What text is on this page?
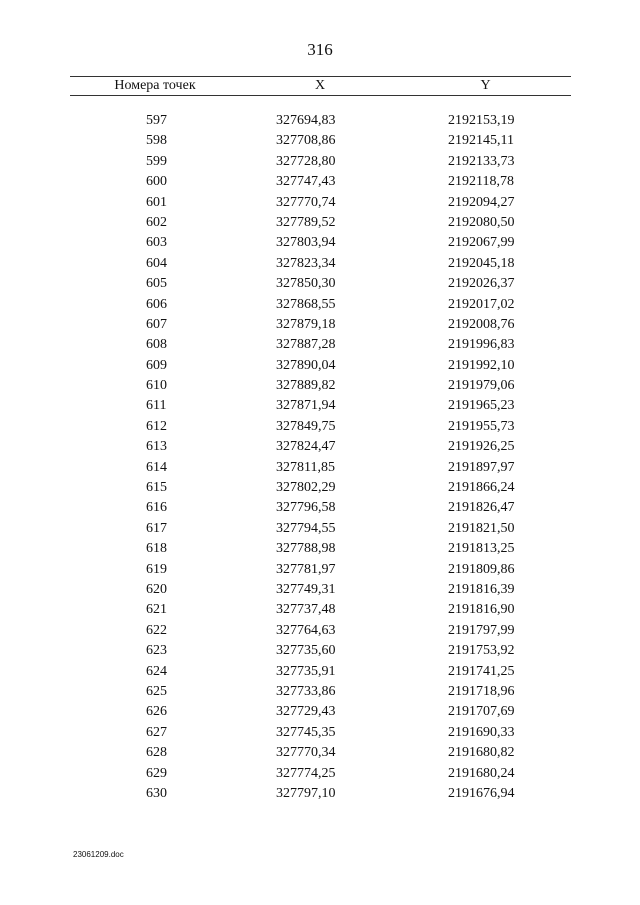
316
Номера точек	X	Y
597	327694,83	2192153,19
598	327708,86	2192145,11
599	327728,80	2192133,73
600	327747,43	2192118,78
601	327770,74	2192094,27
602	327789,52	2192080,50
603	327803,94	2192067,99
604	327823,34	2192045,18
605	327850,30	2192026,37
606	327868,55	2192017,02
607	327879,18	2192008,76
608	327887,28	2191996,83
609	327890,04	2191992,10
610	327889,82	2191979,06
611	327871,94	2191965,23
612	327849,75	2191955,73
613	327824,47	2191926,25
614	327811,85	2191897,97
615	327802,29	2191866,24
616	327796,58	2191826,47
617	327794,55	2191821,50
618	327788,98	2191813,25
619	327781,97	2191809,86
620	327749,31	2191816,39
621	327737,48	2191816,90
622	327764,63	2191797,99
623	327735,60	2191753,92
624	327735,91	2191741,25
625	327733,86	2191718,96
626	327729,43	2191707,69
627	327745,35	2191690,33
628	327770,34	2191680,82
629	327774,25	2191680,24
630	327797,10	2191676,94
23061209.doc
